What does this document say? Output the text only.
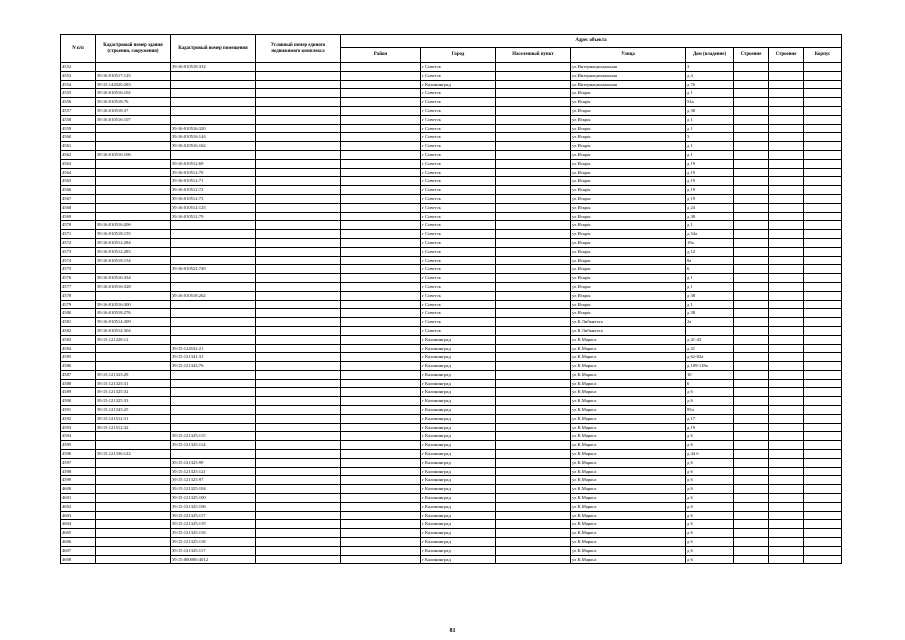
N п/п	Кадастровый номер здания (строения, сооружения)	Кадастровый номер помещения	Условный номер единого недвижимого комплекса	Адрес объекта							
				Район	Город	Населенный пункт	Улица	Дом (владение)	Строение	Строение	Корпус
4552		39:16:010518:332			г Советск		ул Интернациональная	3			
4553	39:16:010517:125				г Советск		ул Интернациональная	д 4			
4554	39:15:142020:283				г Калининград		ул Интернациональная	д 76			
4555	39:16:010516:102				г Советск		ул Искры	д 1			
4556	39:16:010518:76				г Советск		ул Искры	54а			
4557	39:16:010518:37				г Советск		ул Искры	д 38			
4558	39:16:010516:107				г Советск		ул Искры	д 1			
4559		39:16:010516:320			г Советск		ул Искры	д 1			
4560		39:16:010516:144			г Советск		ул Искры	3			
4561		39:16:010516:162			г Советск		ул Искры	д 1			
4562	39:16:010516:106				г Советск		ул Искры	д 1			
4563		39:16:010512:69			г Советск		ул Искры	д 19			
4564		39:16:010512:70			г Советск		ул Искры	д 19			
4565		39:16:010512:71			г Советск		ул Искры	д 19			
4566		39:16:010512:72			г Советск		ул Искры	д 19			
4567		39:16:010512:73			г Советск		ул Искры	д 19			
4568		39:16:010512:125			г Советск		ул Искры	д 24			
4569		39:16:010512:79			г Советск		ул Искры	д 38			
4570	39:16:010516:206				г Советск		ул Искры	д 1			
4571	39:16:010518:155				г Советск		ул Искры	д 54а			
4572	39:16:010512:284				г Советск		ул Искры	19а			
4573	39:16:010512:283				г Советск		ул Искры	д 12			
4574	39:16:010518:154				г Советск		ул Искры	8а			
4575		39:16:010522:749			г Советск		ул Искры	6			
4576	39:16:010516:334				г Советск		ул Искры	д 1			
4577	39:16:010516:328				г Советск		ул Искры	д 1			
4578		39:16:010518:262			г Советск		ул Искры	д 38			
4579	39:16:010516:300				г Советск		ул Искры	д 1			
4580	39:16:010518:276				г Советск		ул Искры	д 38			
4581	39:16:010514:309				г Советск		ул К Либкнехта	2а			
4582	39:16:010514:304				г Советск		ул К Либкнехта				
4583	39:15:121328:12				г Калининград		ул К.Маркса	д 41-43			
4584		39:15:124532:21			г Калининград		ул К.Маркса	д 41			
4585		39:15:121341:31			г Калининград		ул К.Маркса	д 62-82а			
4586		39:15:121343:76			г Калининград		ул К.Маркса	д 109-118а			
4587	39:15:121325:29				г Калининград		ул К.Маркса	10			
4588	39:15:121325:31				г Калининград		ул К.Маркса	6			
4589	39:15:121325:32				г Калининград		ул К.Маркса	д 6			
4590	39:15:121325:33				г Калининград		ул К.Маркса	д 6			
4591	39:15:121343:25				г Калининград		ул К.Маркса	95а			
4592	39:15:121512:31				г Калининград		ул К.Маркса	д 17			
4593	39:15:121512:32				г Калининград		ул К.Маркса	д 19			
4594		39:15:121325:115			г Калининград		ул К.Маркса	д 6			
4595		39:15:121325:114			г Калининград		ул К.Маркса	д 6			
4596	39:15:121336:122				г Калининград		ул К.Маркса	д 44 б			
4597		39:15:121325:99			г Калининград		ул К.Маркса	д 6			
4598		39:15:121325:121			г Калининград		ул К.Маркса	д 6			
4599		39:15:121325:97			г Калининград		ул К.Маркса	д 6			
4600		39:15:121325:104			г Калининград		ул К.Маркса	д 6			
4601		39:15:121325:100			г Калининград		ул К.Маркса	д 6			
4602		39:15:121325:106			г Калининград		ул К.Маркса	д 6			
4603		39:15:121325:117			г Калининград		ул К.Маркса	д 6			
4604		39:15:121325:119			г Калининград		ул К.Маркса	д 6			
4605		39:15:121325:116			г Калининград		ул К.Маркса	д 6			
4606		39:15:121325:118			г Калининград		ул К.Маркса	д 6			
4607		39:15:121325:117			г Калининград		ул К.Маркса	д 6			
4608		39:15:000000:4012			г Калининград		ул К.Маркса	д 6			
81
